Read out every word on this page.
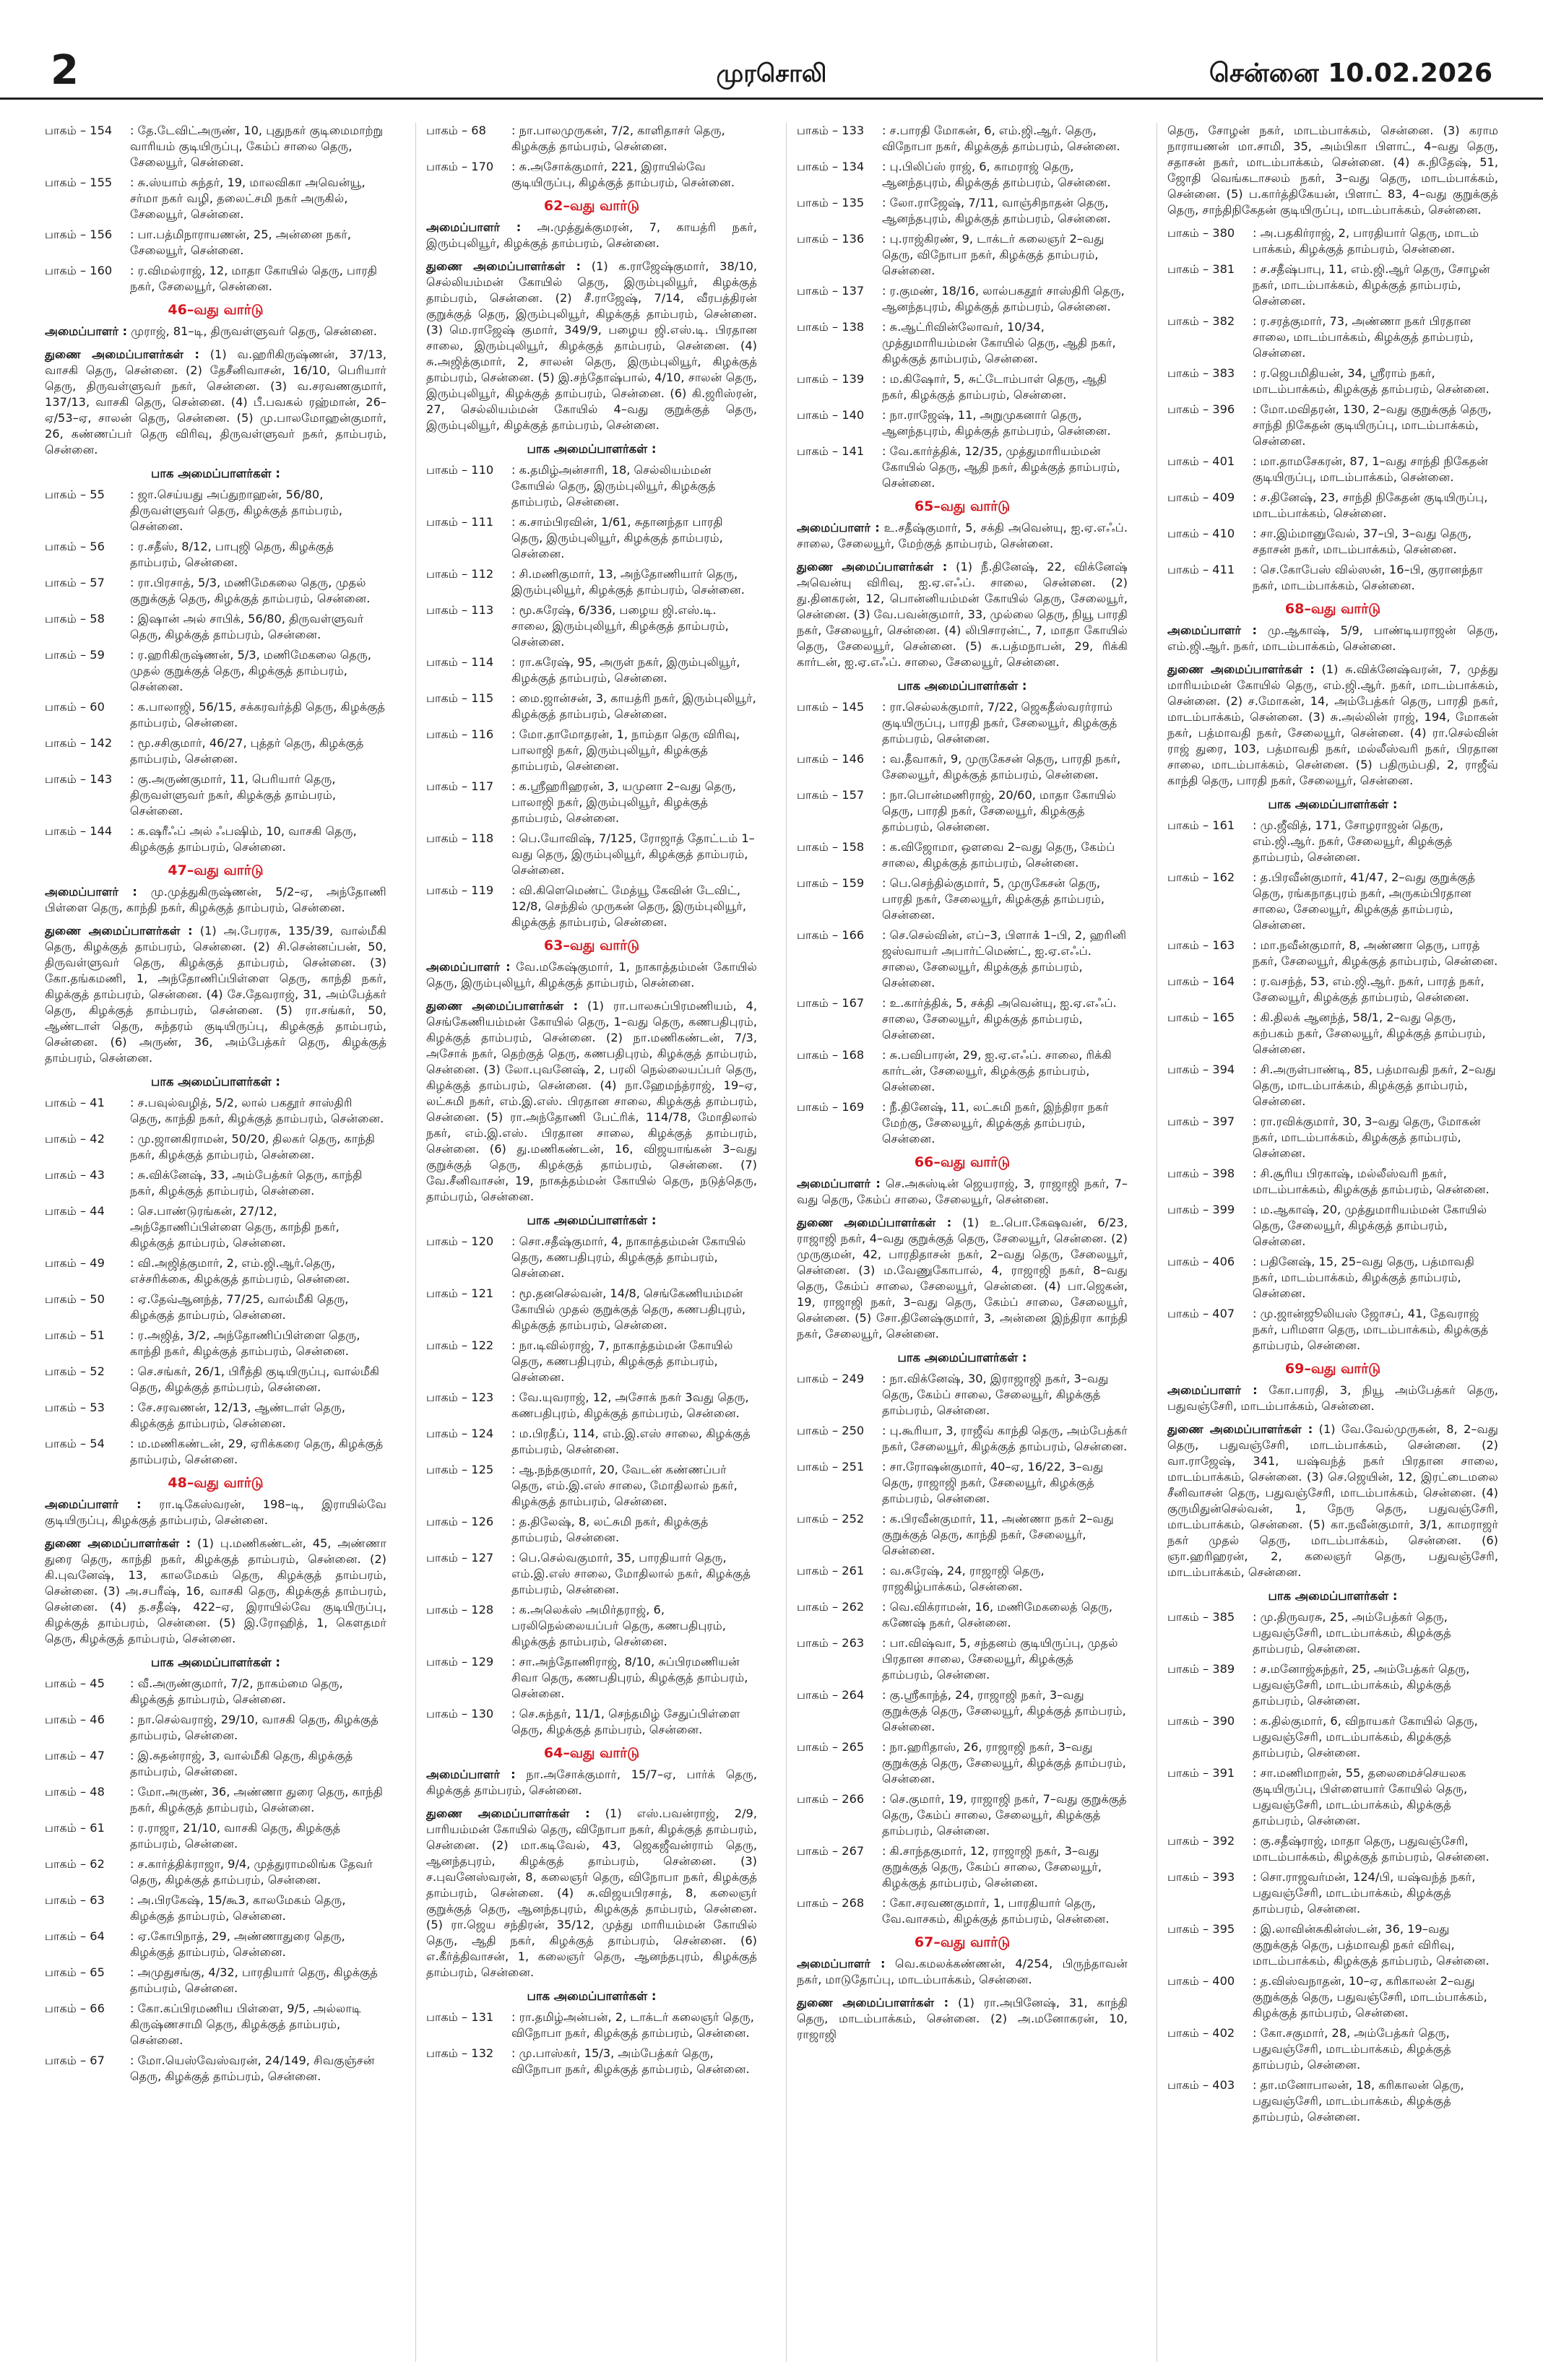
2	முரசொலி	சென்னை 10.02.2026
பாகம் – 154	: தே.டேவிட்அருண், 10, புதுநகர் குடிமைமாற்று வாரியம் குடியிருப்பு, கேம்ப் சாலை தெரு, சேலையூர், சென்னை.
பாகம் – 155	: சு.ஸ்யாம் சுந்தர், 19, மாலவிகா அவென்யூ, சர்மா நகர் வழி, தலைட்சமி நகர் அருகில், சேலையூர், சென்னை.
பாகம் – 156	: பா.பத்மிநாராயணன், 25, அன்னை நகர், சேலையூர், சென்னை.
பாகம் – 160	: ர.விமல்ராஜ், 12, மாதா கோயில் தெரு, பாரதி நகர், சேலையூர், சென்னை.
46–வது வார்டு
அமைப்பாளர் : முராஜ், 81–டி, திருவள்ளுவர் தெரு, சென்னை.
துணை அமைப்பாளர்கள் : (1) வ.ஹரிகிருஷ்ணன், 37/13, வாசகி தெரு, சென்னை. (2) தேசீனிவாசன், 16/10, பெரியார் தெரு, திருவள்ளுவர் நகர், சென்னை. (3) வ.சரவணகுமார், 137/13, வாசகி தெரு, சென்னை. (4) பீ.பவகல் ரஹ்மான், 26–ஏ/53–ஏ, சாலன் தெரு, சென்னை. (5) மு.பாலமோஹன்குமார், 26, கண்ணப்பர் தெரு விரிவு, திருவள்ளுவர் நகர், தாம்பரம், சென்னை.
பாக அமைப்பாளர்கள் :
பாகம் – 55	: ஜா.செய்யது அப்துறாஹன், 56/80, திருவள்ளுவர் தெரு, கிழக்குத் தாம்பரம், சென்னை.
பாகம் – 56	: ர.சதீஸ், 8/12, பாபுஜி தெரு, கிழக்குத் தாம்பரம், சென்னை.
பாகம் – 57	: ரா.பிரசாத், 5/3, மணிமேகலை தெரு, முதல் குறுக்குத் தெரு, கிழக்குத் தாம்பரம், சென்னை.
பாகம் – 58	: இஷான் அல் சாபிக், 56/80, திருவள்ளுவர் தெரு, கிழக்குத் தாம்பரம், சென்னை.
பாகம் – 59	: ர.ஹரிகிருஷ்ணன், 5/3, மணிமேகலை தெரு, முதல் குறுக்குத் தெரு, கிழக்குத் தாம்பரம், சென்னை.
பாகம் – 60	: க.பாலாஜி, 56/15, சக்கரவர்த்தி தெரு, கிழக்குத் தாம்பரம், சென்னை.
பாகம் – 142	: மூ.சசிகுமார், 46/27, புத்தர் தெரு, கிழக்குத் தாம்பரம், சென்னை.
பாகம் – 143	: கு.அருண்குமார், 11, பெரியார் தெரு, திருவள்ளுவர் நகர், கிழக்குத் தாம்பரம், சென்னை.
பாகம் – 144	: க.ஷரீஃப் அல் ஃபஷிம், 10, வாசகி தெரு, கிழக்குத் தாம்பரம், சென்னை.
47–வது வார்டு
அமைப்பாளர் : மு.முத்துகிருஷ்ணன், 5/2–ஏ, அந்தோணி பிள்ளை தெரு, காந்தி நகர், கிழக்குத் தாம்பரம், சென்னை.
துணை அமைப்பாளர்கள் : (1) அ.பேரரசு, 135/39, வால்மீகி தெரு, கிழக்குத் தாம்பரம், சென்னை. (2) சி.சென்னப்பன், 50, திருவள்ளுவர் தெரு, கிழக்குத் தாம்பரம், சென்னை. (3) கோ.தங்கமணி, 1, அந்தோணிப்பிள்ளை தெரு, காந்தி நகர், கிழக்குத் தாம்பரம், சென்னை. (4) சே.தேவராஜ், 31, அம்பேத்கர் தெரு, கிழக்குத் தாம்பரம், சென்னை. (5) ரா.சங்கர், 50, ஆண்டாள் தெரு, சுந்தரம் குடியிருப்பு, கிழக்குத் தாம்பரம், சென்னை. (6) அருண், 36, அம்பேத்கர் தெரு, கிழக்குத் தாம்பரம், சென்னை.
பாக அமைப்பாளர்கள் :
பாகம் – 41	: ச.பவுல்வழித், 5/2, லால் பகதூர் சாஸ்திரி தெரு, காந்தி நகர், கிழக்குத் தாம்பரம், சென்னை.
பாகம் – 42	: மு.ஜானகிராமன், 50/20, திலகர் தெரு, காந்தி நகர், கிழக்குத் தாம்பரம், சென்னை.
பாகம் – 43	: சு.விக்னேஷ், 33, அம்பேத்கர் தெரு, காந்தி நகர், கிழக்குத் தாம்பரம், சென்னை.
பாகம் – 44	: செ.பாண்டுரங்கன், 27/12, அந்தோணிப்பிள்ளை தெரு, காந்தி நகர், கிழக்குத் தாம்பரம், சென்னை.
பாகம் – 49	: வி.அஜித்குமார், 2, எம்.ஜி.ஆர்.தெரு, எச்சரிக்கை, கிழக்குத் தாம்பரம், சென்னை.
பாகம் – 50	: ஏ.தேவ்ஆனந்த், 77/25, வால்மீகி தெரு, கிழக்குத் தாம்பரம், சென்னை.
பாகம் – 51	: ர.அஜித், 3/2, அந்தோணிப்பிள்ளை தெரு, காந்தி நகர், கிழக்குத் தாம்பரம், சென்னை.
பாகம் – 52	: செ.சங்கர், 26/1, பிரீத்தி குடியிருப்பு, வால்மீகி தெரு, கிழக்குத் தாம்பரம், சென்னை.
பாகம் – 53	: சே.சரவணன், 12/13, ஆண்டாள் தெரு, கிழக்குத் தாம்பரம், சென்னை.
பாகம் – 54	: ம.மணிகண்டன், 29, ஏரிக்கரை தெரு, கிழக்குத் தாம்பரம், சென்னை.
48–வது வார்டு
அமைப்பாளர் : ரா.டிகேஸ்வரன், 198–டி, இராயில்வே குடியிருப்பு, கிழக்குத் தாம்பரம், சென்னை.
துணை அமைப்பாளர்கள் : (1) பு.மணிகண்டன், 45, அண்ணா துரை தெரு, காந்தி நகர், கிழக்குத் தாம்பரம், சென்னை. (2) கி.புவனேஷ், 13, காலமேகம் தெரு, கிழக்குத் தாம்பரம், சென்னை. (3) அ.சபரீஷ், 16, வாசகி தெரு, கிழக்குத் தாம்பரம், சென்னை. (4) த.சதீஷ், 422–ஏ, இராயில்வே குடியிருப்பு, கிழக்குத் தாம்பரம், சென்னை. (5) இ.ரோஹித், 1, கௌதமர் தெரு, கிழக்குத் தாம்பரம், சென்னை.
பாக அமைப்பாளர்கள் :
பாகம் – 45	: வீ.அருண்குமார், 7/2, நாகம்மை தெரு, கிழக்குத் தாம்பரம், சென்னை.
பாகம் – 46	: நா.செல்வராஜ், 29/10, வாசகி தெரு, கிழக்குத் தாம்பரம், சென்னை.
பாகம் – 47	: இ.சுதன்ராஜ், 3, வால்மீகி தெரு, கிழக்குத் தாம்பரம், சென்னை.
பாகம் – 48	: மோ.அருண், 36, அண்ணா துரை தெரு, காந்தி நகர், கிழக்குத் தாம்பரம், சென்னை.
பாகம் – 61	: ர.ராஜா, 21/10, வாசகி தெரு, கிழக்குத் தாம்பரம், சென்னை.
பாகம் – 62	: ச.கார்த்திக்ராஜா, 9/4, முத்துராமலிங்க தேவர் தெரு, கிழக்குத் தாம்பரம், சென்னை.
பாகம் – 63	: அ.பிரகேஷ், 15/கூ3, காலமேகம் தெரு, கிழக்குத் தாம்பரம், சென்னை.
பாகம் – 64	: ஏ.கோபிநாத், 29, அண்ணாதுரை தெரு, கிழக்குத் தாம்பரம், சென்னை.
பாகம் – 65	: அமுதுசங்கு, 4/32, பாரதியார் தெரு, கிழக்குத் தாம்பரம், சென்னை.
பாகம் – 66	: கோ.கப்பிரமணிய பிள்ளை, 9/5, அல்லாடி கிருஷ்ணசாமி தெரு, கிழக்குத் தாம்பரம், சென்னை.
பாகம் – 67	: மோ.யெஸ்வேஸ்வரன், 24/149, சிவகுஞ்சன் தெரு, கிழக்குத் தாம்பரம், சென்னை.
பாகம் – 68	: நா.பாலமுருகன், 7/2, காளிதாசர் தெரு, கிழக்குத் தாம்பரம், சென்னை.
பாகம் – 170	: சு.அசோக்குமார், 221, இராயில்வே குடியிருப்பு, கிழக்குத் தாம்பரம், சென்னை.
62–வது வார்டு
அமைப்பாளர் : அ.முத்துக்குமரன், 7, காயத்ரி நகர், இரும்புலியூர், கிழக்குத் தாம்பரம், சென்னை.
துணை அமைப்பாளர்கள் : (1) க.ராஜேஷ்குமார், 38/10, செல்லியம்மன் கோயில் தெரு, இரும்புலியூர், கிழக்குத் தாம்பரம், சென்னை. (2) சீ.ராஜேஷ், 7/14, வீரபத்திரன் குறுக்குத் தெரு, இரும்புலியூர், கிழக்குத் தாம்பரம், சென்னை. (3) மெ.ராஜேஷ் குமார், 349/9, பழைய ஜி.எஸ்.டி. பிரதான சாலை, இரும்புலியூர், கிழக்குத் தாம்பரம், சென்னை. (4) சு.அஜித்குமார், 2, சாலன் தெரு, இரும்புலியூர், கிழக்குத் தாம்பரம், சென்னை. (5) இ.சந்தோஷ்பால், 4/10, சாலன் தெரு, இரும்புலியூர், கிழக்குத் தாம்பரம், சென்னை. (6) கி.ஜரிஸ்ரன், 27, செல்லியம்மன் கோயில் 4–வது குறுக்குத் தெரு, இரும்புலியூர், கிழக்குத் தாம்பரம், சென்னை.
பாக அமைப்பாளர்கள் :
பாகம் – 110	: க.தமிழ்அன்சாரி, 18, செல்லியம்மன் கோயில் தெரு, இரும்புலியூர், கிழக்குத் தாம்பரம், சென்னை.
பாகம் – 111	: க.சாம்பிரவின், 1/61, சுதானந்தா பாரதி தெரு, இரும்புலியூர், கிழக்குத் தாம்பரம், சென்னை.
பாகம் – 112	: சி.மணிகுமார், 13, அந்தோணியார் தெரு, இரும்புலியூர், கிழக்குத் தாம்பரம், சென்னை.
பாகம் – 113	: மூ.சுரேஷ், 6/336, பழைய ஜி.எஸ்.டி. சாலை, இரும்புலியூர், கிழக்குத் தாம்பரம், சென்னை.
பாகம் – 114	: ரா.சுரேஷ், 95, அருள் நகர், இரும்புலியூர், கிழக்குத் தாம்பரம், சென்னை.
பாகம் – 115	: மை.ஜான்சன், 3, காயத்ரி நகர், இரும்புலியூர், கிழக்குத் தாம்பரம், சென்னை.
பாகம் – 116	: மோ.தாமோதரன், 1, நாம்தா தெரு விரிவு, பாலாஜி நகர், இரும்புலியூர், கிழக்குத் தாம்பரம், சென்னை.
பாகம் – 117	: க.ஸ்ரீஹரிஹரன், 3, யமுனா 2–வது தெரு, பாலாஜி நகர், இரும்புலியூர், கிழக்குத் தாம்பரம், சென்னை.
பாகம் – 118	: பெ.யோவிஷ், 7/125, ரோஜாத் தோட்டம் 1–வது தெரு, இரும்புலியூர், கிழக்குத் தாம்பரம், சென்னை.
பாகம் – 119	: வி.கிளெமெண்ட் மேத்யூ கேவின் டேவிட், 12/8, செந்தில் முருகன் தெரு, இரும்புலியூர், கிழக்குத் தாம்பரம், சென்னை.
63–வது வார்டு
அமைப்பாளர் : வே.மகேஷ்குமார், 1, நாகாத்தம்மன் கோயில் தெரு, இரும்புலியூர், கிழக்குத் தாம்பரம், சென்னை.
துணை அமைப்பாளர்கள் : (1) ரா.பாலசுப்பிரமணியம், 4, செங்கேணியம்மன் கோயில் தெரு, 1–வது தெரு, கணபதிபுரம், கிழக்குத் தாம்பரம், சென்னை. (2) நா.மணிகண்டன், 7/3, அசோக் நகர், தெற்குத் தெரு, கணபதிபுரம், கிழக்குத் தாம்பரம், சென்னை. (3) லோ.புவனேஷ், 2, பரலி நெல்லையப்பர் தெரு, கிழக்குத் தாம்பரம், சென்னை. (4) நா.ஹேமந்த்ராஜ், 19–ஏ, லட்சுமி நகர், எம்.இ.எஸ். பிரதான சாலை, கிழக்குத் தாம்பரம், சென்னை. (5) ரா.அந்தோணி பேட்ரிக், 114/78, மோதிலால் நகர், எம்.இ.எஸ். பிரதான சாலை, கிழக்குத் தாம்பரம், சென்னை. (6) து.மணிகண்டன், 16, விஜயாங்கன் 3–வது குறுக்குத் தெரு, கிழக்குத் தாம்பரம், சென்னை. (7) வே.சீனிவாசன், 19, நாகத்தம்மன் கோயில் தெரு, நடுத்தெரு, தாம்பரம், சென்னை.
பாக அமைப்பாளர்கள் :
பாகம் – 120	: சொ.சதீஷ்குமார், 4, நாகாத்தம்மன் கோயில் தெரு, கணபதிபுரம், கிழக்குத் தாம்பரம், சென்னை.
பாகம் – 121	: மூ.தனசெல்வன், 14/8, செங்கேணியம்மன் கோயில் முதல் குறுக்குத் தெரு, கணபதிபுரம், கிழக்குத் தாம்பரம், சென்னை.
பாகம் – 122	: நா.டிவில்ராஜ், 7, நாகாத்தம்மன் கோயில் தெரு, கணபதிபுரம், கிழக்குத் தாம்பரம், சென்னை.
பாகம் – 123	: வே.யுவராஜ், 12, அசோக் நகர் 3வது தெரு, கணபதிபுரம், கிழக்குத் தாம்பரம், சென்னை.
பாகம் – 124	: ம.பிரதீப், 114, எம்.இ.எஸ் சாலை, கிழக்குத் தாம்பரம், சென்னை.
பாகம் – 125	: ஆ.நந்தகுமார், 20, வேடன் கண்ணப்பர் தெரு, எம்.இ.எஸ் சாலை, மோதிலால் நகர், கிழக்குத் தாம்பரம், சென்னை.
பாகம் – 126	: த.திலேஷ், 8, லட்சுமி நகர், கிழக்குத் தாம்பரம், சென்னை.
பாகம் – 127	: பெ.செல்வகுமார், 35, பாரதியார் தெரு, எம்.இ.எஸ் சாலை, மோதிலால் நகர், கிழக்குத் தாம்பரம், சென்னை.
பாகம் – 128	: க.அலெக்ஸ் அமிர்தராஜ், 6, பரலிநெல்லையப்பர் தெரு, கணபதிபுரம், கிழக்குத் தாம்பரம், சென்னை.
பாகம் – 129	: சா.அந்தோணிராஜ், 8/10, சுப்பிரமணியன் சிவா தெரு, கணபதிபுரம், கிழக்குத் தாம்பரம், சென்னை.
பாகம் – 130	: செ.சுந்தர், 11/1, செந்தமிழ் சேதுப்பிள்ளை தெரு, கிழக்குத் தாம்பரம், சென்னை.
64–வது வார்டு
அமைப்பாளர் : நா.அசோக்குமார், 15/7–ஏ, பார்க் தெரு, கிழக்குத் தாம்பரம், சென்னை.
துணை அமைப்பாளர்கள் : (1) எஸ்.பவன்ராஜ், 2/9, பாரியம்மன் கோயில் தெரு, விநோபா நகர், கிழக்குத் தாம்பரம், சென்னை. (2) மா.கடிவேல், 43, ஜெகஜீவன்ராம் தெரு, ஆனந்தபுரம், கிழக்குத் தாம்பரம், சென்னை. (3) ச.புவனேஸ்வரன், 8, கலைஞர் தெரு, விநோபா நகர், கிழக்குத் தாம்பரம், சென்னை. (4) சு.விஜயபிரசாத், 8, கலைஞர் குறுக்குத் தெரு, ஆனந்தபுரம், கிழக்குத் தாம்பரம், சென்னை. (5) ரா.ஜெய சந்திரன், 35/12, முத்து மாரியம்மன் கோயில் தெரு, ஆதி நகர், கிழக்குத் தாம்பரம், சென்னை. (6) எ.கீர்த்திவாசன், 1, கலைஞர் தெரு, ஆனந்தபுரம், கிழக்குத் தாம்பரம், சென்னை.
பாக அமைப்பாளர்கள் :
பாகம் – 131	: ரா.தமிழ்அன்பன், 2, டாக்டர் கலைஞர் தெரு, விநோபா நகர், கிழக்குத் தாம்பரம், சென்னை.
பாகம் – 132	: மு.பாஸ்கர், 15/3, அம்பேத்கர் தெரு, விநோபா நகர், கிழக்குத் தாம்பரம், சென்னை.
பாகம் – 133	: ச.பாரதி மோகன், 6, எம்.ஜி.ஆர். தெரு, விநோபா நகர், கிழக்குத் தாம்பரம், சென்னை.
பாகம் – 134	: பு.பிலிப்ஸ் ராஜ், 6, காமராஜ் தெரு, ஆனந்தபுரம், கிழக்குத் தாம்பரம், சென்னை.
பாகம் – 135	: லோ.ராஜேஷ், 7/11, வாஞ்சிநாதன் தெரு, ஆனந்தபுரம், கிழக்குத் தாம்பரம், சென்னை.
பாகம் – 136	: பு.ராஜ்கிரண், 9, டாக்டர் கலைஞர் 2–வது தெரு, விநோபா நகர், கிழக்குத் தாம்பரம், சென்னை.
பாகம் – 137	: ர.குமண், 18/16, லால்பகதூர் சாஸ்திரி தெரு, ஆனந்தபுரம், கிழக்குத் தாம்பரம், சென்னை.
பாகம் – 138	: சு.ஆட்ரிவின்லோவர், 10/34, முத்துமாரியம்மன் கோயில் தெரு, ஆதி நகர், கிழக்குத் தாம்பரம், சென்னை.
பாகம் – 139	: ம.கிஷோர், 5, சுட்டோம்பாள் தெரு, ஆதி நகர், கிழக்குத் தாம்பரம், சென்னை.
பாகம் – 140	: நா.ராஜேஷ், 11, அறுமுகனார் தெரு, ஆனந்தபுரம், கிழக்குத் தாம்பரம், சென்னை.
பாகம் – 141	: வே.கார்த்திக், 12/35, முத்துமாரியம்மன் கோயில் தெரு, ஆதி நகர், கிழக்குத் தாம்பரம், சென்னை.
65–வது வார்டு
அமைப்பாளர் : உ.சதீஷ்குமார், 5, சக்தி அவென்யு, ஐ.ஏ.எஃப். சாலை, சேலையூர், மேற்குத் தாம்பரம், சென்னை.
துணை அமைப்பாளர்கள் : (1) நீ.தினேஷ், 22, விக்னேஷ் அவென்யு விரிவு, ஐ.ஏ.எஃப். சாலை, சென்னை. (2) து.தினகரன், 12, பொன்னியம்மன் கோயில் தெரு, சேலையூர், சென்னை. (3) வே.பவன்குமார், 33, முல்லை தெரு, நியூ பாரதி நகர், சேலையூர், சென்னை. (4) லிபிசாரன்ட், 7, மாதா கோயில் தெரு, சேலையூர், சென்னை. (5) சு.பத்மநாபன், 29, ரிக்கி கார்டன், ஐ.ஏ.எஃப். சாலை, சேலையூர், சென்னை.
பாக அமைப்பாளர்கள் :
பாகம் – 145	: ரா.செல்லக்குமார், 7/22, ஜெகதீஸ்வரர்ராம் குடியிருப்பு, பாரதி நகர், சேலையூர், கிழக்குத் தாம்பரம், சென்னை.
பாகம் – 146	: வ.தீவாகர், 9, முருகேசன் தெரு, பாரதி நகர், சேலையூர், கிழக்குத் தாம்பரம், சென்னை.
பாகம் – 157	: நா.பொன்மணிராஜ், 20/60, மாதா கோயில் தெரு, பாரதி நகர், சேலையூர், கிழக்குத் தாம்பரம், சென்னை.
பாகம் – 158	: க.விஜோமா, ஒளவை 2–வது தெரு, கேம்ப் சாலை, கிழக்குத் தாம்பரம், சென்னை.
பாகம் – 159	: பெ.செந்தில்குமார், 5, முருகேசன் தெரு, பாரதி நகர், சேலையூர், கிழக்குத் தாம்பரம், சென்னை.
பாகம் – 166	: செ.செல்வின், எப்–3, பிளாக் 1–பி, 2, ஹரினி ஜஸ்வாயர் அபார்ட்மெண்ட், ஐ.ஏ.எஃப். சாலை, சேலையூர், கிழக்குத் தாம்பரம், சென்னை.
பாகம் – 167	: உ.கார்த்திக், 5, சக்தி அவென்யு, ஐ.ஏ.எஃப். சாலை, சேலையூர், கிழக்குத் தாம்பரம், சென்னை.
பாகம் – 168	: சு.பவிபாரன், 29, ஐ.ஏ.எஃப். சாலை, ரிக்கி கார்டன், சேலையூர், கிழக்குத் தாம்பரம், சென்னை.
பாகம் – 169	: நீ.தினேஷ், 11, லட்சுமி நகர், இந்திரா நகர் மேற்கு, சேலையூர், கிழக்குத் தாம்பரம், சென்னை.
66–வது வார்டு
அமைப்பாளர் : செ.அசுஸ்டின் ஜெயராஜ், 3, ராஜாஜி நகர், 7–வது தெரு, கேம்ப் சாலை, சேலையூர், சென்னை.
துணை அமைப்பாளர்கள் : (1) உ.பொ.கேஷவன், 6/23, ராஜாஜி நகர், 4–வது குறுக்குத் தெரு, சேலையூர், சென்னை. (2) முருகுமன், 42, பாரதிதாசன் நகர், 2–வது தெரு, சேலையூர், சென்னை. (3) ம.வேணுகோபால், 4, ராஜாஜி நகர், 8–வது தெரு, கேம்ப் சாலை, சேலையூர், சென்னை. (4) பா.ஜெகன், 19, ராஜாஜி நகர், 3–வது தெரு, கேம்ப் சாலை, சேலையூர், சென்னை. (5) சோ.தினேஷ்குமார், 3, அன்னை இந்திரா காந்தி நகர், சேலையூர், சென்னை.
பாக அமைப்பாளர்கள் :
பாகம் – 249	: நா.விக்னேஷ், 30, இராஜாஜி நகர், 3–வது தெரு, கேம்ப் சாலை, சேலையூர், கிழக்குத் தாம்பரம், சென்னை.
பாகம் – 250	: பு.கூரியா, 3, ராஜீவ் காந்தி தெரு, அம்பேத்கர் நகர், சேலையூர், கிழக்குத் தாம்பரம், சென்னை.
பாகம் – 251	: சா.ரோஷன்குமார், 40–ஏ, 16/22, 3–வது தெரு, ராஜாஜி நகர், சேலையூர், கிழக்குத் தாம்பரம், சென்னை.
பாகம் – 252	: க.பிரவீன்குமார், 11, அண்ணா நகர் 2–வது குறுக்குத் தெரு, காந்தி நகர், சேலையூர், சென்னை.
பாகம் – 261	: வ.சுரேஷ், 24, ராஜாஜி தெரு, ராஜகிழ்பாக்கம், சென்னை.
பாகம் – 262	: வெ.விக்ராமன், 16, மணிமேகலைத் தெரு, கணேஷ் நகர், சென்னை.
பாகம் – 263	: பா.விஷ்வா, 5, சந்தனம் குடியிருப்பு, முதல் பிரதான சாலை, சேலையூர், கிழக்குத் தாம்பரம், சென்னை.
பாகம் – 264	: கு.ஸ்ரீகாந்த், 24, ராஜாஜி நகர், 3–வது குறுக்குத் தெரு, சேலையூர், கிழக்குத் தாம்பரம், சென்னை.
பாகம் – 265	: நா.ஹரிதாஸ், 26, ராஜாஜி நகர், 3–வது குறுக்குத் தெரு, சேலையூர், கிழக்குத் தாம்பரம், சென்னை.
பாகம் – 266	: செ.குமார், 19, ராஜாஜி நகர், 7–வது குறுக்குத் தெரு, கேம்ப் சாலை, சேலையூர், கிழக்குத் தாம்பரம், சென்னை.
பாகம் – 267	: கி.சாந்தகுமார், 12, ராஜாஜி நகர், 3–வது குறுக்குத் தெரு, கேம்ப் சாலை, சேலையூர், கிழக்குத் தாம்பரம், சென்னை.
பாகம் – 268	: கோ.சரவணகுமார், 1, பாரதியார் தெரு, வே.வாசகம், கிழக்குத் தாம்பரம், சென்னை.
67–வது வார்டு
அமைப்பாளர் : வெ.கமலக்கண்ணன், 4/254, பிருந்தாவன் நகர், மாடுதோப்பு, மாடம்பாக்கம், சென்னை.
துணை அமைப்பாளர்கள் : (1) ரா.அபினேஷ், 31, காந்தி தெரு, மாடம்பாக்கம், சென்னை. (2) அ.மனோகரன், 10, ராஜாஜி
தெரு, சோழன் நகர், மாடம்பாக்கம், சென்னை. (3) கராம நாராயணன் மா.சாமி, 35, அம்பிகா பிளாட், 4–வது தெரு, சதாசன் நகர், மாடம்பாக்கம், சென்னை. (4) சு.நிதேஷ், 51, ஜோதி வெங்கடாசலம் நகர், 3–வது தெரு, மாடம்பாக்கம், சென்னை. (5) ப.கார்த்திகேயன், பிளாட் 83, 4–வது குறுக்குத் தெரு, சாந்திநிகேதன் குடியிருப்பு, மாடம்பாக்கம், சென்னை.
பாகம் – 380	: அ.பதகிர்ராஜ், 2, பாரதியார் தெரு, மாடம் பாக்கம், கிழக்குத் தாம்பரம், சென்னை.
பாகம் – 381	: ச.சதீஷ்பாபு, 11, எம்.ஜி.ஆர் தெரு, சோழன் நகர், மாடம்பாக்கம், கிழக்குத் தாம்பரம், சென்னை.
பாகம் – 382	: ர.சரத்குமார், 73, அண்ணா நகர் பிரதான சாலை, மாடம்பாக்கம், கிழக்குத் தாம்பரம், சென்னை.
பாகம் – 383	: ர.ஜெபமிதியன், 34, ஸ்ரீராம் நகர், மாடம்பாக்கம், கிழக்குத் தாம்பரம், சென்னை.
பாகம் – 396	: மோ.மவிதரன், 130, 2–வது குறுக்குத் தெரு, சாந்தி நிகேதன் குடியிருப்பு, மாடம்பாக்கம், சென்னை.
பாகம் – 401	: மா.தாமசேகரன், 87, 1–வது சாந்தி நிகேதன் குடியிருப்பு, மாடம்பாக்கம், சென்னை.
பாகம் – 409	: ச.தினேஷ், 23, சாந்தி நிகேதன் குடியிருப்பு, மாடம்பாக்கம், சென்னை.
பாகம் – 410	: சா.இம்மானுவேல், 37–பி, 3–வது தெரு, சதாசன் நகர், மாடம்பாக்கம், சென்னை.
பாகம் – 411	: செ.கோபேஸ் வில்ஸன், 16–பி, குரானந்தா நகர், மாடம்பாக்கம், சென்னை.
68–வது வார்டு
அமைப்பாளர் : மு.ஆகாஷ், 5/9, பாண்டியராஜன் தெரு, எம்.ஜி.ஆர். நகர், மாடம்பாக்கம், சென்னை.
துணை அமைப்பாளர்கள் : (1) சு.விக்னேஷ்வரன், 7, முத்து மாரியம்மன் கோயில் தெரு, எம்.ஜி.ஆர். நகர், மாடம்பாக்கம், சென்னை. (2) ச.மோகன், 14, அம்பேத்கர் தெரு, பாரதி நகர், மாடம்பாக்கம், சென்னை. (3) சு.அல்லின் ராஜ், 194, மோகன் நகர், பத்மாவதி நகர், சேலையூர், சென்னை. (4) ரா.செல்வின் ராஜ் துரை, 103, பத்மாவதி நகர், மல்லீஸ்வரி நகர், பிரதான சாலை, மாடம்பாக்கம், சென்னை. (5) பதிரும்பதி, 2, ராஜீவ் காந்தி தெரு, பாரதி நகர், சேலையூர், சென்னை.
பாக அமைப்பாளர்கள் :
பாகம் – 161	: மு.ஜீவித், 171, சோழராஜன் தெரு, எம்.ஜி.ஆர். நகர், சேலையூர், கிழக்குத் தாம்பரம், சென்னை.
பாகம் – 162	: த.பிரவீன்குமார், 41/47, 2–வது குறுக்குத் தெரு, ரங்கநாதபுரம் நகர், அருகம்பிரதான சாலை, சேலையூர், கிழக்குத் தாம்பரம், சென்னை.
பாகம் – 163	: மா.நவீன்குமார், 8, அண்ணா தெரு, பாரத் நகர், சேலையூர், கிழக்குத் தாம்பரம், சென்னை.
பாகம் – 164	: ர.வசந்த், 53, எம்.ஜி.ஆர். நகர், பாரத் நகர், சேலையூர், கிழக்குத் தாம்பரம், சென்னை.
பாகம் – 165	: கி.திலக் ஆனந்த், 58/1, 2–வது தெரு, கற்பகம் நகர், சேலையூர், கிழக்குத் தாம்பரம், சென்னை.
பாகம் – 394	: சி.அருள்பாண்டி, 85, பத்மாவதி நகர், 2–வது தெரு, மாடம்பாக்கம், கிழக்குத் தாம்பரம், சென்னை.
பாகம் – 397	: ரா.ரவிக்குமார், 30, 3–வது தெரு, மோகன் நகர், மாடம்பாக்கம், கிழக்குத் தாம்பரம், சென்னை.
பாகம் – 398	: சி.சூரிய பிரகாஷ், மல்லீஸ்வரி நகர், மாடம்பாக்கம், கிழக்குத் தாம்பரம், சென்னை.
பாகம் – 399	: ம.ஆகாஷ், 20, முத்துமாரியம்மன் கோயில் தெரு, சேலையூர், கிழக்குத் தாம்பரம், சென்னை.
பாகம் – 406	: பதினேஷ், 15, 25–வது தெரு, பத்மாவதி நகர், மாடம்பாக்கம், கிழக்குத் தாம்பரம், சென்னை.
பாகம் – 407	: மு.ஜான்ஜூலியஸ் ஜோசப், 41, தேவராஜ் நகர், பரிமளா தெரு, மாடம்பாக்கம், கிழக்குத் தாம்பரம், சென்னை.
69–வது வார்டு
அமைப்பாளர் : கோ.பாரதி, 3, நியூ அம்பேத்கர் தெரு, பதுவஞ்சேரி, மாடம்பாக்கம், சென்னை.
துணை அமைப்பாளர்கள் : (1) வே.வேல்முருகன், 8, 2–வது தெரு, பதுவஞ்சேரி, மாடம்பாக்கம், சென்னை. (2) வா.ராஜேஷ், 341, யஷ்வந்த் நகர் பிரதான சாலை, மாடம்பாக்கம், சென்னை. (3) செ.ஜெயின், 12, இரட்டைமலை சீனிவாசன் தெரு, பதுவஞ்சேரி, மாடம்பாக்கம், சென்னை. (4) குருமிதுன்செல்வன், 1, நேரு தெரு, பதுவஞ்சேரி, மாடம்பாக்கம், சென்னை. (5) கா.நவீன்குமார், 3/1, காமராஜர் நகர் முதல் தெரு, மாடம்பாக்கம், சென்னை. (6) ஞா.ஹரிஹரன், 2, கலைஞர் தெரு, பதுவஞ்சேரி, மாடம்பாக்கம், சென்னை.
பாக அமைப்பாளர்கள் :
பாகம் – 385	: மு.திருவரசு, 25, அம்பேத்கர் தெரு, பதுவஞ்சேரி, மாடம்பாக்கம், கிழக்குத் தாம்பரம், சென்னை.
பாகம் – 389	: ச.மனோஜ்சுந்தர், 25, அம்பேத்கர் தெரு, பதுவஞ்சேரி, மாடம்பாக்கம், கிழக்குத் தாம்பரம், சென்னை.
பாகம் – 390	: க.தில்குமார், 6, விநாயகர் கோயில் தெரு, பதுவஞ்சேரி, மாடம்பாக்கம், கிழக்குத் தாம்பரம், சென்னை.
பாகம் – 391	: சா.மணிமாறன், 55, தலைமைச்செயலக குடியிருப்பு, பிள்ளையார் கோயில் தெரு, பதுவஞ்சேரி, மாடம்பாக்கம், கிழக்குத் தாம்பரம், சென்னை.
பாகம் – 392	: கு.சதீஷ்ராஜ், மாதா தெரு, பதுவஞ்சேரி, மாடம்பாக்கம், கிழக்குத் தாம்பரம், சென்னை.
பாகம் – 393	: சொ.ராஜவர்மன், 124/பி, யஷ்வந்த் நகர், பதுவஞ்சேரி, மாடம்பாக்கம், கிழக்குத் தாம்பரம், சென்னை.
பாகம் – 395	: இ.லாவின்சுகின்ஸ்டன், 36, 19–வது குறுக்குத் தெரு, பத்மாவதி நகர் விரிவு, மாடம்பாக்கம், கிழக்குத் தாம்பரம், சென்னை.
பாகம் – 400	: த.விஸ்வநாதன், 10–ஏ, கரிகாலன் 2–வது குறுக்குத் தெரு, பதுவஞ்சேரி, மாடம்பாக்கம், கிழக்குத் தாம்பரம், சென்னை.
பாகம் – 402	: கோ.சகுமார், 28, அம்பேத்கர் தெரு, பதுவஞ்சேரி, மாடம்பாக்கம், கிழக்குத் தாம்பரம், சென்னை.
பாகம் – 403	: தா.மனோபாலன், 18, கரிகாலன் தெரு, பதுவஞ்சேரி, மாடம்பாக்கம், கிழக்குத் தாம்பரம், சென்னை.
